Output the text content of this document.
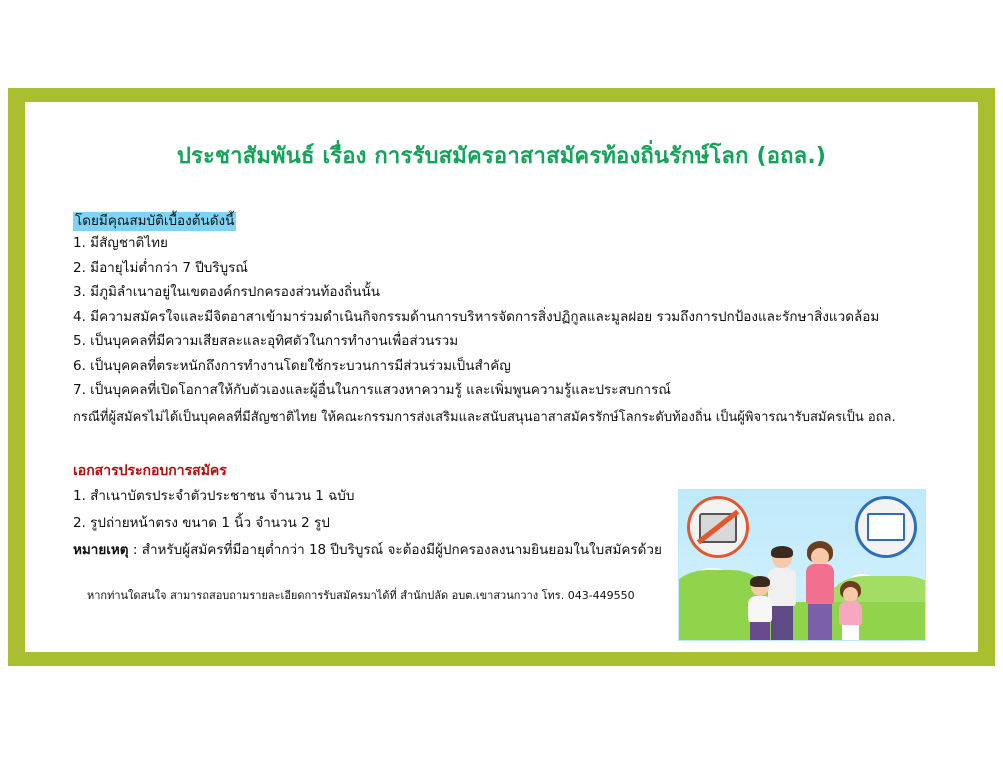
ประชาสัมพันธ์ เรื่อง การรับสมัครอาสาสมัครท้องถิ่นรักษ์โลก (อถล.)
โดยมีคุณสมบัติเบื้องต้นดังนี้
1. มีสัญชาติไทย
2. มีอายุไม่ต่ำกว่า 7 ปีบริบูรณ์
3. มีภูมิลำเนาอยู่ในเขตองค์กรปกครองส่วนท้องถิ่นนั้น
4. มีความสมัครใจและมีจิตอาสาเข้ามาร่วมดำเนินกิจกรรมด้านการบริหารจัดการสิ่งปฏิกูลและมูลฝอย รวมถึงการปกป้องและรักษาสิ่งแวดล้อม
5. เป็นบุคคลที่มีความเสียสละและอุทิศตัวในการทำงานเพื่อส่วนรวม
6. เป็นบุคคลที่ตระหนักถึงการทำงานโดยใช้กระบวนการมีส่วนร่วมเป็นสำคัญ
7. เป็นบุคคลที่เปิดโอกาสให้กับตัวเองและผู้อื่นในการแสวงหาความรู้ และเพิ่มพูนความรู้และประสบการณ์
กรณีที่ผู้สมัครไม่ได้เป็นบุคคลที่มีสัญชาติไทย ให้คณะกรรมการส่งเสริมและสนับสนุนอาสาสมัครรักษ์โลกระดับท้องถิ่น เป็นผู้พิจารณารับสมัครเป็น อถล.
เอกสารประกอบการสมัคร
1. สำเนาบัตรประจำตัวประชาชน จำนวน 1 ฉบับ
2. รูปถ่ายหน้าตรง ขนาด 1 นิ้ว จำนวน 2 รูป
หมายเหตุ : สำหรับผู้สมัครที่มีอายุต่ำกว่า 18 ปีบริบูรณ์ จะต้องมีผู้ปกครองลงนามยินยอมในใบสมัครด้วย
หากท่านใดสนใจ สามารถสอบถามรายละเอียดการรับสมัครมาได้ที่ สำนักปลัด อบต.เขาสวนกวาง โทร. 043-449550
